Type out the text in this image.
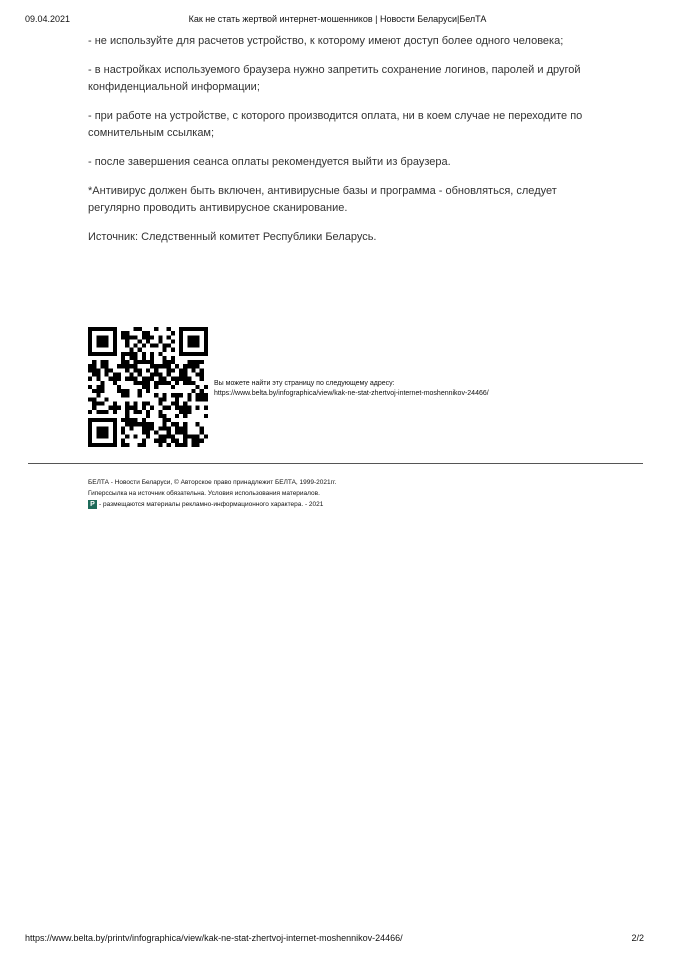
09.04.2021	Как не стать жертвой интернет-мошенников | Новости Беларуси|БелТА

- не используйте для расчетов устройство, к которому имеют доступ более одного человека;

- в настройках используемого браузера нужно запретить сохранение логинов, паролей и другой конфиденциальной информации;

- при работе на устройстве, с которого производится оплата, ни в коем случае не переходите по сомнительным ссылкам;

- после завершения сеанса оплаты рекомендуется выйти из браузера.

*Антивирус должен быть включен, антивирусные базы и программа - обновляться, следует регулярно проводить антивирусное сканирование.

Источник: Следственный комитет Республики Беларусь.

Вы можете найти эту страницу по следующему адресу:
https://www.belta.by/infographica/view/kak-ne-stat-zhertvoj-internet-moshennikov-24466/
БЕЛТА - Новости Беларуси, © Авторское право принадлежит БЕЛТА, 1999-2021гг.
Гиперссылка на источник обязательна. Условия использования материалов.
P - размещаются материалы рекламно-информационного характера. - 2021
https://www.belta.by/printv/infographica/view/kak-ne-stat-zhertvoj-internet-moshennikov-24466/	2/2
